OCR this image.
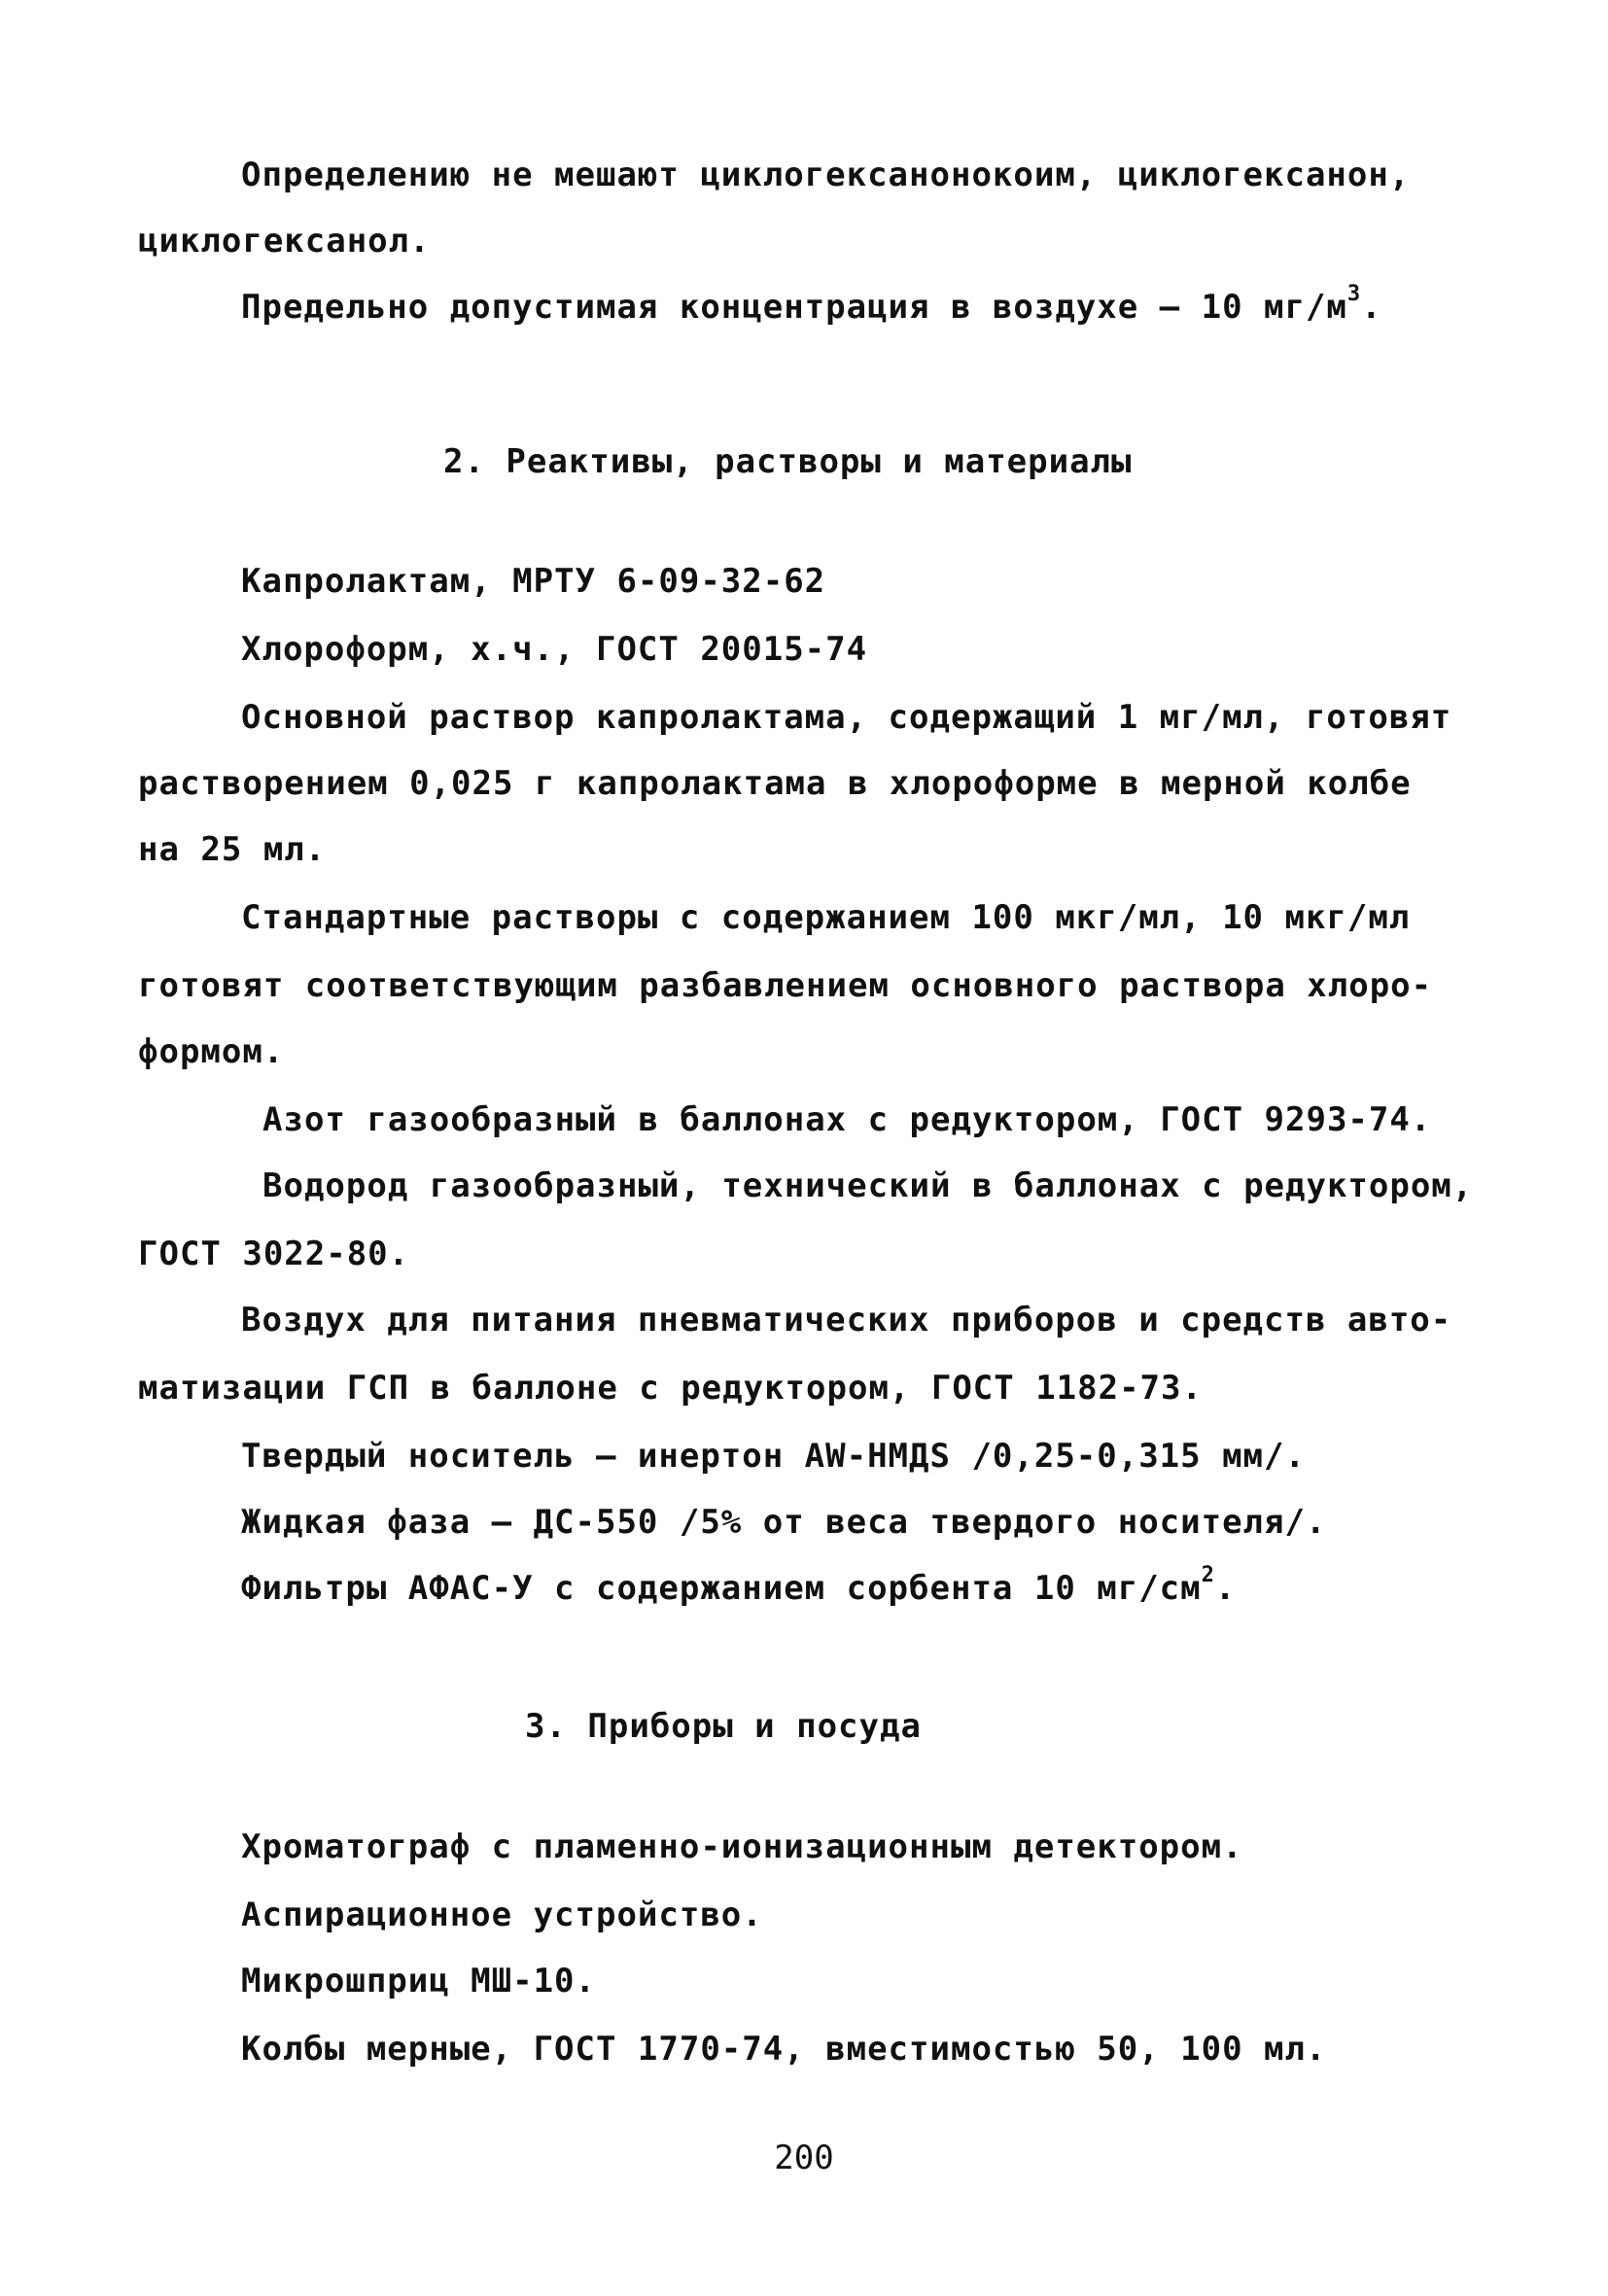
Определению не мешают циклогексанонокоим, циклогексанон,
циклогексанол.
Предельно допустимая концентрация в воздухе – 10 $мг/м^3$.
2. Реактивы, растворы и материалы
Капролактам, МРТУ 6-09-32-62
Хлороформ, х.ч., ГОСТ 20015-74
Основной раствор капролактама, содержащий 1 мг/мл, готовят
растворением 0,025 г капролактама в хлороформе в мерной колбе
на 25 мл.
Стандартные растворы с содержанием 100 мкг/мл, 10 мкг/мл
готовят соответствующим разбавлением основного раствора хлоро-
формом.
Азот газообразный в баллонах с редуктором, ГОСТ 9293-74.
Водород газообразный, технический в баллонах с редуктором,
ГОСТ 3022-80.
Воздух для питания пневматических приборов и средств авто-
матизации ГСП в баллоне с редуктором, ГОСТ 1182-73.
Твердый носитель – инертон AW-HMДS /0,25-0,315 мм/.
Жидкая фаза – ДС-550 /5% от веса твердого носителя/.
Фильтры АФАС-У с содержанием сорбента 10 $мг/см^2$.
3. Приборы и посуда
Хроматограф с пламенно-ионизационным детектором.
Аспирационное устройство.
Микрошприц МШ-10.
Колбы мерные, ГОСТ 1770-74, вместимостью 50, 100 мл.
200
